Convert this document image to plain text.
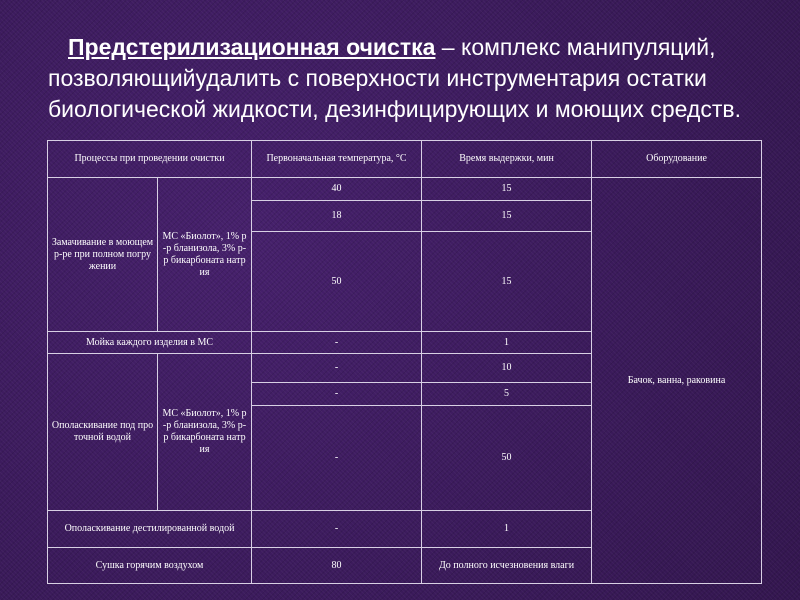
Предстерилизационная очистка – комплекс манипуляций, позволяющийудалить с поверхности инструментария остатки биологической жидкости, дезинфицирующих и моющих средств.
Процессы при проведении очистки		Первоначальная температура, °С	Время выдержки, мин	Оборудование
Замачивание в моющем р-ре при полном погружении	МС «Биолот», 1% р-р бланизола, 3% р-р бикарбоната натрия	40	15	Бачок, ванна, раковина
		18	15	
		50	15	
Мойка каждого изделия в МС		-	1	
Ополаскивание под проточной водой	МС «Биолот», 1% р-р бланизола, 3% р-р бикарбоната натрия	-	10	
		-	5	
		-	50	
Ополаскивание дестилированной водой		-	1	
Сушка горячим воздухом		80	До полного исчезновения влаги	
